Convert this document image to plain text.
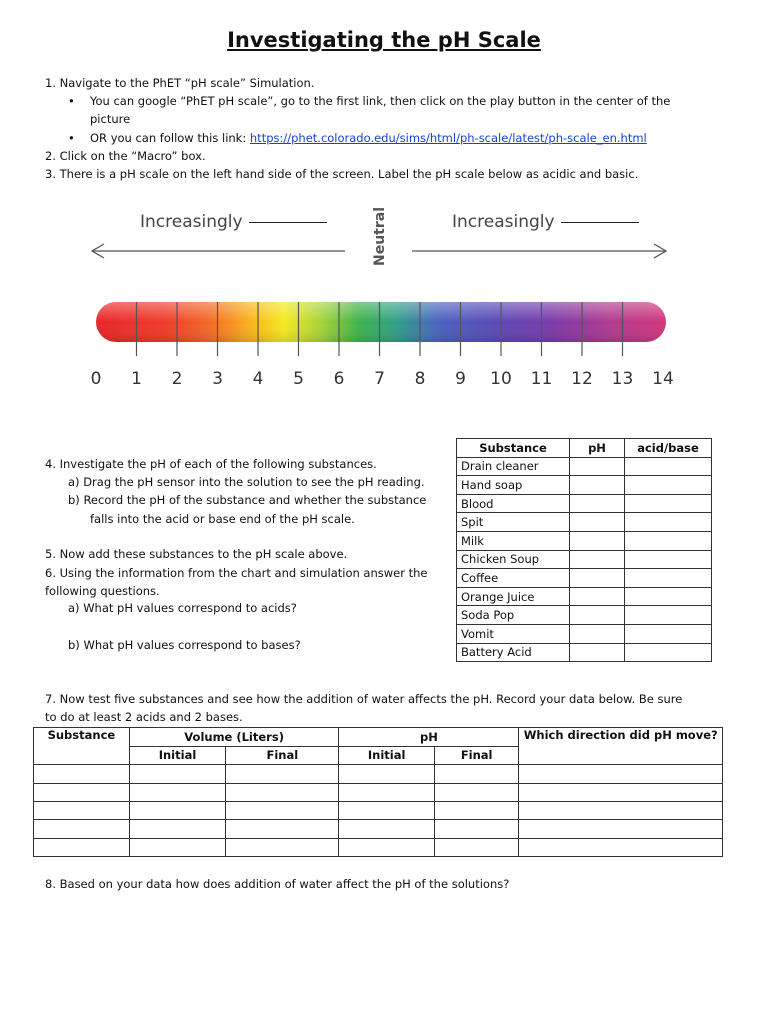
Investigating the pH Scale
1. Navigate to the PhET “pH scale” Simulation.
• You can google “PhET pH scale”, go to the first link, then click on the play button in the center of the
picture
• OR you can follow this link: https://phet.colorado.edu/sims/html/ph-scale/latest/ph-scale_en.html
2. Click on the “Macro” box.
3. There is a pH scale on the left hand side of the screen. Label the pH scale below as acidic and basic.
Increasingly	Increasingly
Neutral
0	1	2	3	4	5	6	7	8	9	10 11 12 13 14
4. Investigate the pH of each of the following substances.
a) Drag the pH sensor into the solution to see the pH reading.
b) Record the pH of the substance and whether the substance
falls into the acid or base end of the pH scale.
5. Now add these substances to the pH scale above.
6. Using the information from the chart and simulation answer the
following questions.
a) What pH values correspond to acids?
b) What pH values correspond to bases?
Substance	pH	acid/base
Drain cleaner		
Hand soap		
Blood		
Spit		
Milk		
Chicken Soup		
Coffee		
Orange Juice		
Soda Pop		
Vomit		
Battery Acid		
7. Now test five substances and see how the addition of water affects the pH. Record your data below. Be sure
to do at least 2 acids and 2 bases.
Substance	Volume (Liters)		pH		Which direction did pH move?
	Initial	Final	Initial	Final	

8. Based on your data how does addition of water affect the pH of the solutions?
